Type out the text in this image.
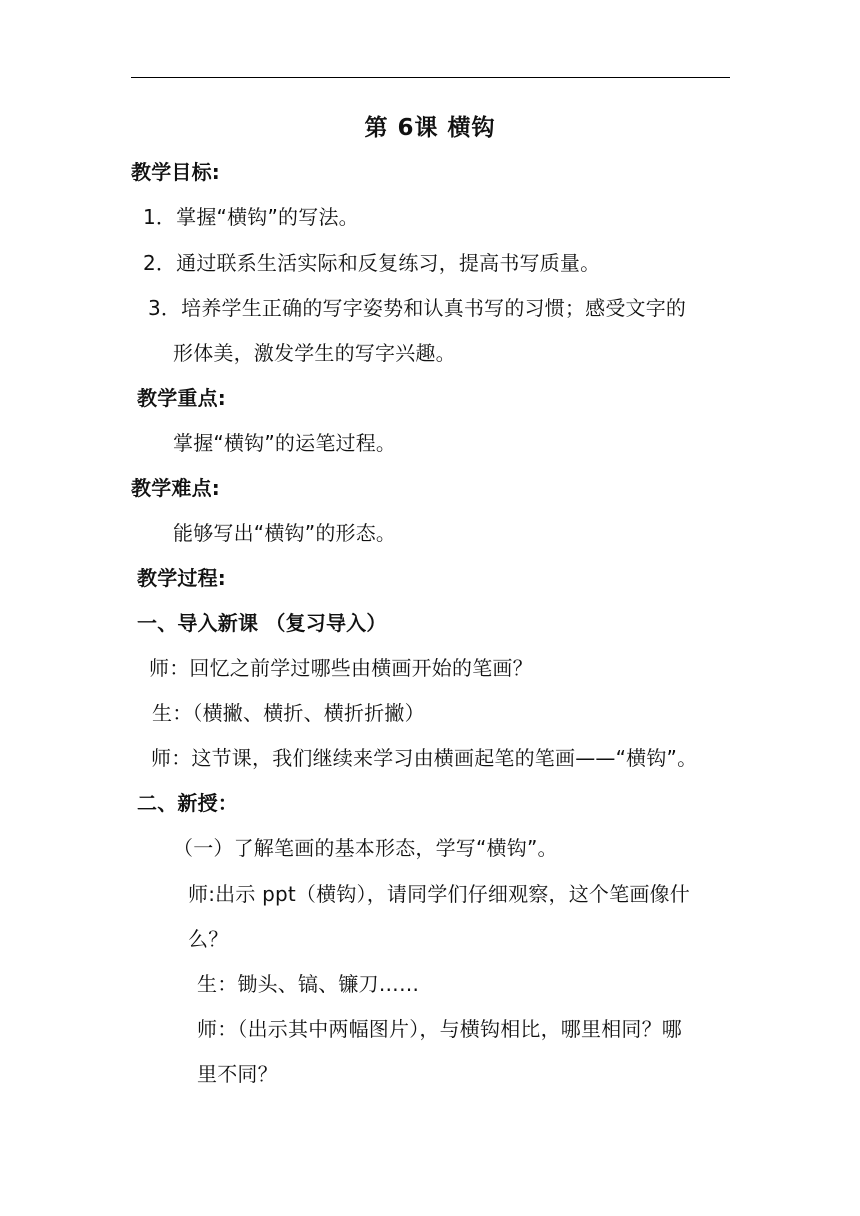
第 6课 横钩
教学目标:
1．掌握“横钩”的写法。
2．通过联系生活实际和反复练习，提高书写质量。
3．培养学生正确的写字姿势和认真书写的习惯；感受文字的
形体美，激发学生的写字兴趣。
教学重点:
掌握“横钩”的运笔过程。
教学难点:
能够写出“横钩”的形态。
教学过程:
一、导入新课 （复习导入）
师：回忆之前学过哪些由横画开始的笔画？
生：（横撇、横折、横折折撇）
师：这节课，我们继续来学习由横画起笔的笔画——“横钩”。
二、新授：
（一）了解笔画的基本形态，学写“横钩”。
师:出示 ppt（横钩），请同学们仔细观察，这个笔画像什
么？
生：锄头、镐、镰刀……
师：（出示其中两幅图片），与横钩相比，哪里相同？哪
里不同？
